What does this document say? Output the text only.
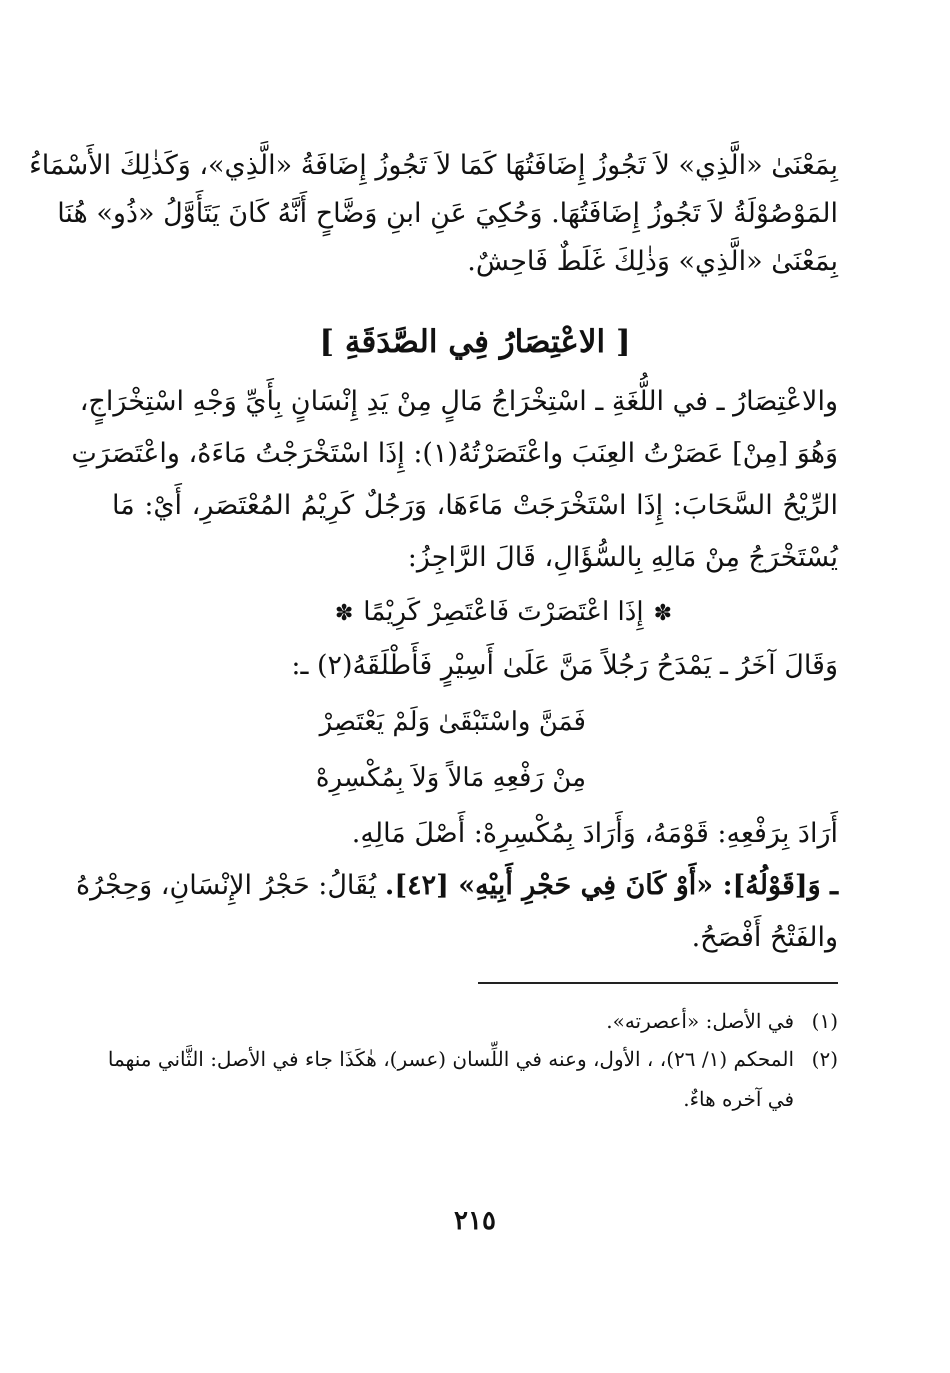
بِمَعْنَىٰ «الَّذِي» لاَ تَجُوزُ إِضَافَتُهَا كَمَا لاَ تَجُوزُ إِضَافَةُ «الَّذِي»، وَكَذٰلِكَ الأَسْمَاءُ
المَوْصُوْلَةُ لاَ تَجُوزُ إِضَافَتُهَا. وَحُكِيَ عَنِ ابنِ وَضَّاحٍ أَنَّهُ كَانَ يَتَأَوَّلُ «ذُو» هُنَا
بِمَعْنَىٰ «الَّذِي» وَذٰلِكَ غَلَطٌ فَاحِشٌ.
[ الاعْتِصَارُ فِي الصَّدَقَةِ ]
والاعْتِصَارُ ـ في اللُّغَةِ ـ اسْتِخْرَاجُ مَالٍ مِنْ يَدِ إِنْسَانٍ بِأَيِّ وَجْهِ اسْتِخْرَاجٍ،
وَهُوَ [مِنْ] عَصَرْتُ العِنَبَ واعْتَصَرْتُهُ(١): إِذَا اسْتَخْرَجْتُ مَاءَهُ، واعْتَصَرَتِ
الرِّيْحُ السَّحَابَ: إِذَا اسْتَخْرَجَتْ مَاءَهَا، وَرَجُلٌ كَرِيْمُ المُعْتَصَرِ، أَيْ: مَا
يُسْتَخْرَجُ مِنْ مَالِهِ بِالسُّؤَالِ، قَالَ الرَّاجِزُ:
✽إِذَا اعْتَصَرْتَ فَاعْتَصِرْ كَرِيْمًا✽
وَقَالَ آخَرُ ـ يَمْدَحُ رَجُلاً مَنَّ عَلَىٰ أَسِيْرٍ فَأَطْلَقَهُ(٢) ـ:
فَمَنَّ واسْتَبْقَىٰ وَلَمْ يَعْتَصِرْ
مِنْ رَفْعِهِ مَالاً وَلاَ بِمُكْسِرِهْ
أَرَادَ بِرَفْعِهِ: قَوْمَهُ، وَأَرَادَ بِمُكْسِرِهْ: أَصْلَ مَالِهِ.
ـ وَ[قَوْلُهُ]: «أَوْ كَانَ فِي حَجْرِ أَبِيْهِ» [٤٢]. يُقَالُ: حَجْرُ الإِنْسَانِ، وَحِجْرُهُ
والفَتْحُ أَفْصَحُ.
(١)في الأصل: «أعصرته».
(٢)المحكم (١/ ٢٦)، ، الأول، وعنه في اللِّسان (عسر)، هٰكَذَا جاء في الأصل: الثَّاني منهما
في آخره هاءٌ.
٢١٥
